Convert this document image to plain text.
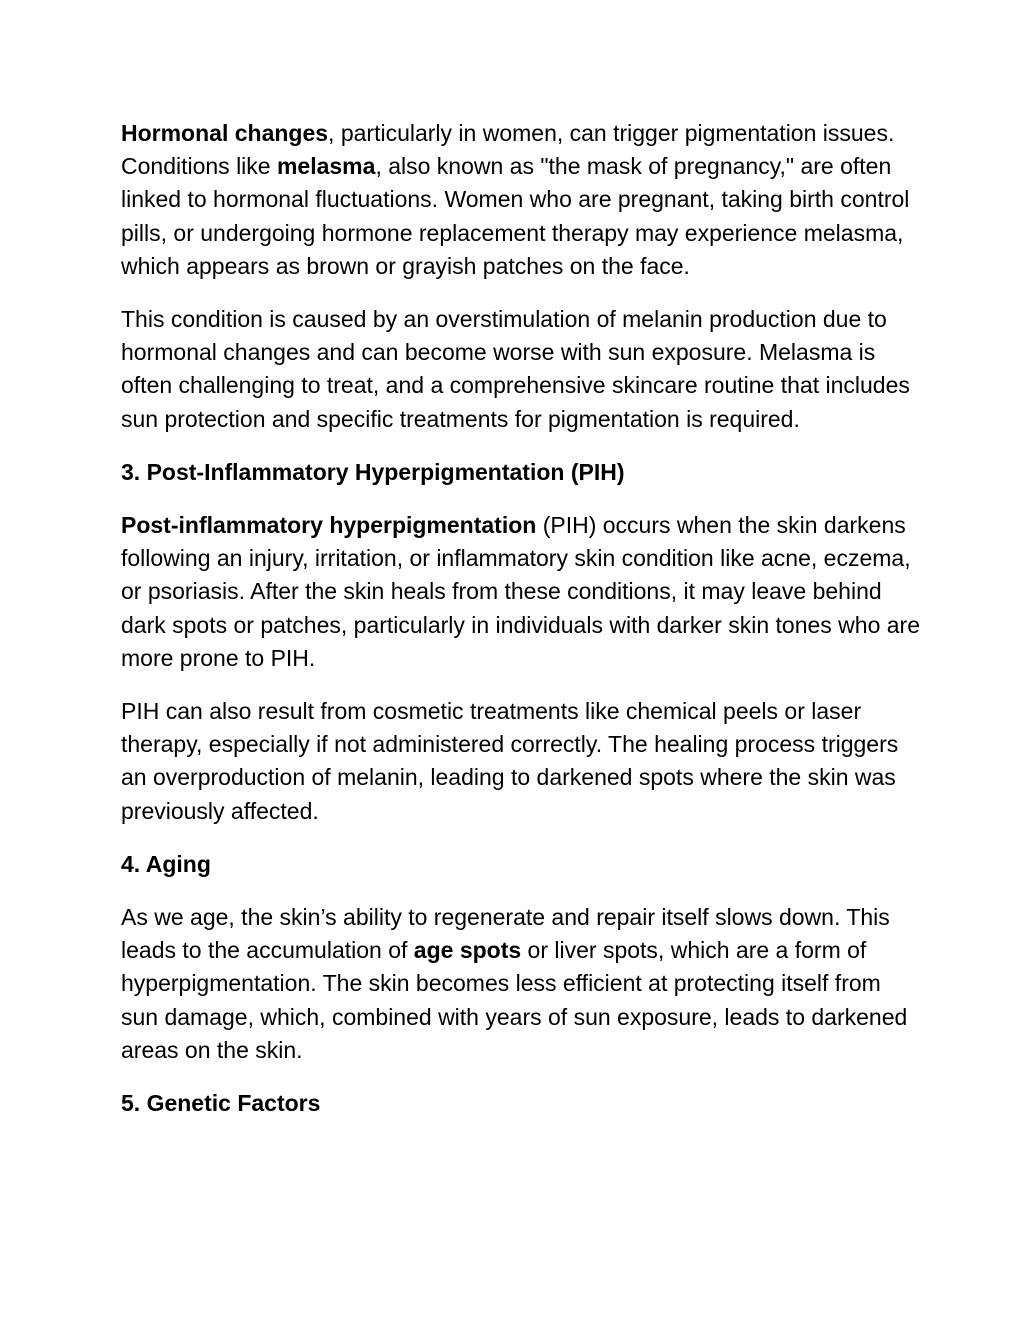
Hormonal changes, particularly in women, can trigger pigmentation issues. Conditions like melasma, also known as "the mask of pregnancy," are often linked to hormonal fluctuations. Women who are pregnant, taking birth control pills, or undergoing hormone replacement therapy may experience melasma, which appears as brown or grayish patches on the face.

This condition is caused by an overstimulation of melanin production due to hormonal changes and can become worse with sun exposure. Melasma is often challenging to treat, and a comprehensive skincare routine that includes sun protection and specific treatments for pigmentation is required.

3. Post-Inflammatory Hyperpigmentation (PIH)

Post-inflammatory hyperpigmentation (PIH) occurs when the skin darkens following an injury, irritation, or inflammatory skin condition like acne, eczema, or psoriasis. After the skin heals from these conditions, it may leave behind dark spots or patches, particularly in individuals with darker skin tones who are more prone to PIH.

PIH can also result from cosmetic treatments like chemical peels or laser therapy, especially if not administered correctly. The healing process triggers an overproduction of melanin, leading to darkened spots where the skin was previously affected.

4. Aging

As we age, the skin’s ability to regenerate and repair itself slows down. This leads to the accumulation of age spots or liver spots, which are a form of hyperpigmentation. The skin becomes less efficient at protecting itself from sun damage, which, combined with years of sun exposure, leads to darkened areas on the skin.

5. Genetic Factors
